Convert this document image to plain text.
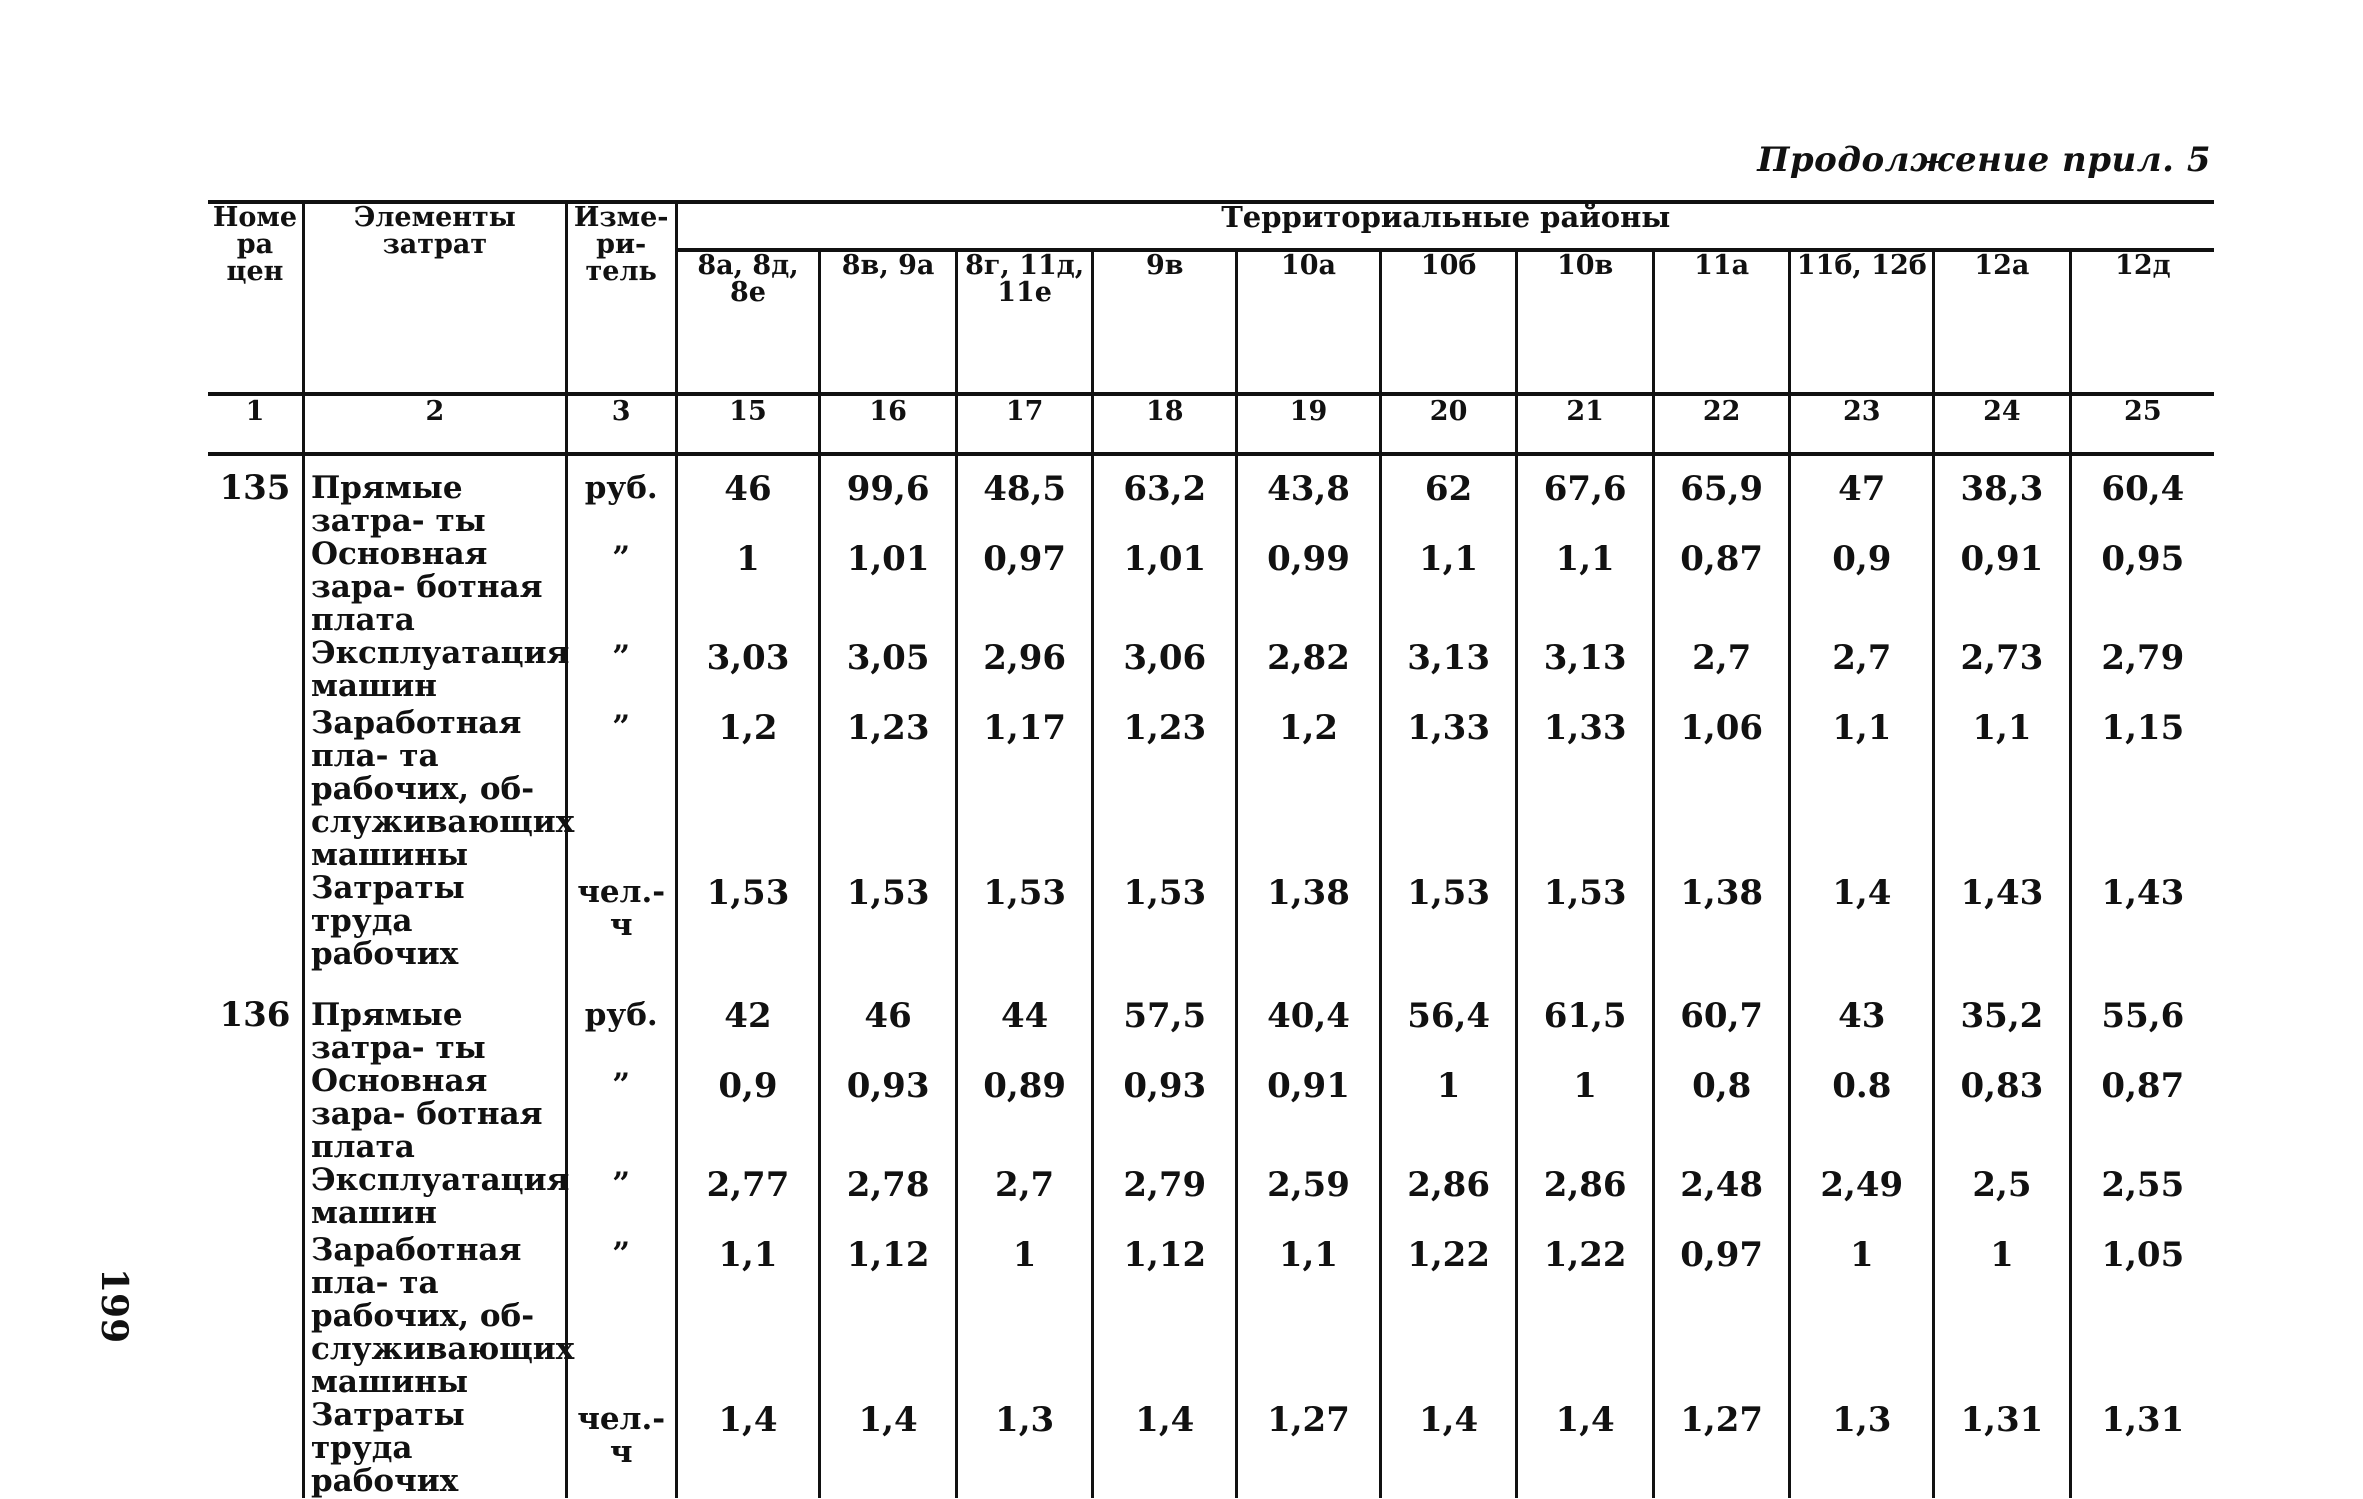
Продолжение прил. 5
Номе ра цен	Элементы затрат	Изме- ри- тель	Территориальные районы										
			8а, 8д, 8е	8в, 9а	8г, 11д, 11е	9в	10а	10б	10в	11а	11б, 12б	12а	12д
1	2	3	15	16	17	18	19	20	21	22	23	24	25
135	Прямые затра- ты	руб.	46	99,6	48,5	63,2	43,8	62	67,6	65,9	47	38,3	60,4
	Основная зара- ботная плата	”	1	1,01	0,97	1,01	0,99	1,1	1,1	0,87	0,9	0,91	0,95
	Эксплуатация машин	”	3,03	3,05	2,96	3,06	2,82	3,13	3,13	2,7	2,7	2,73	2,79
	Заработная пла- та рабочих, об- служивающих машины	”	1,2	1,23	1,17	1,23	1,2	1,33	1,33	1,06	1,1	1,1	1,15
	Затраты труда рабочих	чел.-ч	1,53	1,53	1,53	1,53	1,38	1,53	1,53	1,38	1,4	1,43	1,43
136	Прямые затра- ты	руб.	42	46	44	57,5	40,4	56,4	61,5	60,7	43	35,2	55,6
	Основная зара- ботная плата	”	0,9	0,93	0,89	0,93	0,91	1	1	0,8	0.8	0,83	0,87
	Эксплуатация машин	”	2,77	2,78	2,7	2,79	2,59	2,86	2,86	2,48	2,49	2,5	2,55
	Заработная пла- та рабочих, об- служивающих машины	”	1,1	1,12	1	1,12	1,1	1,22	1,22	0,97	1	1	1,05
	Затраты труда рабочих	чел.-ч	1,4	1,4	1,3	1,4	1,27	1,4	1,4	1,27	1,3	1,31	1,31
199
